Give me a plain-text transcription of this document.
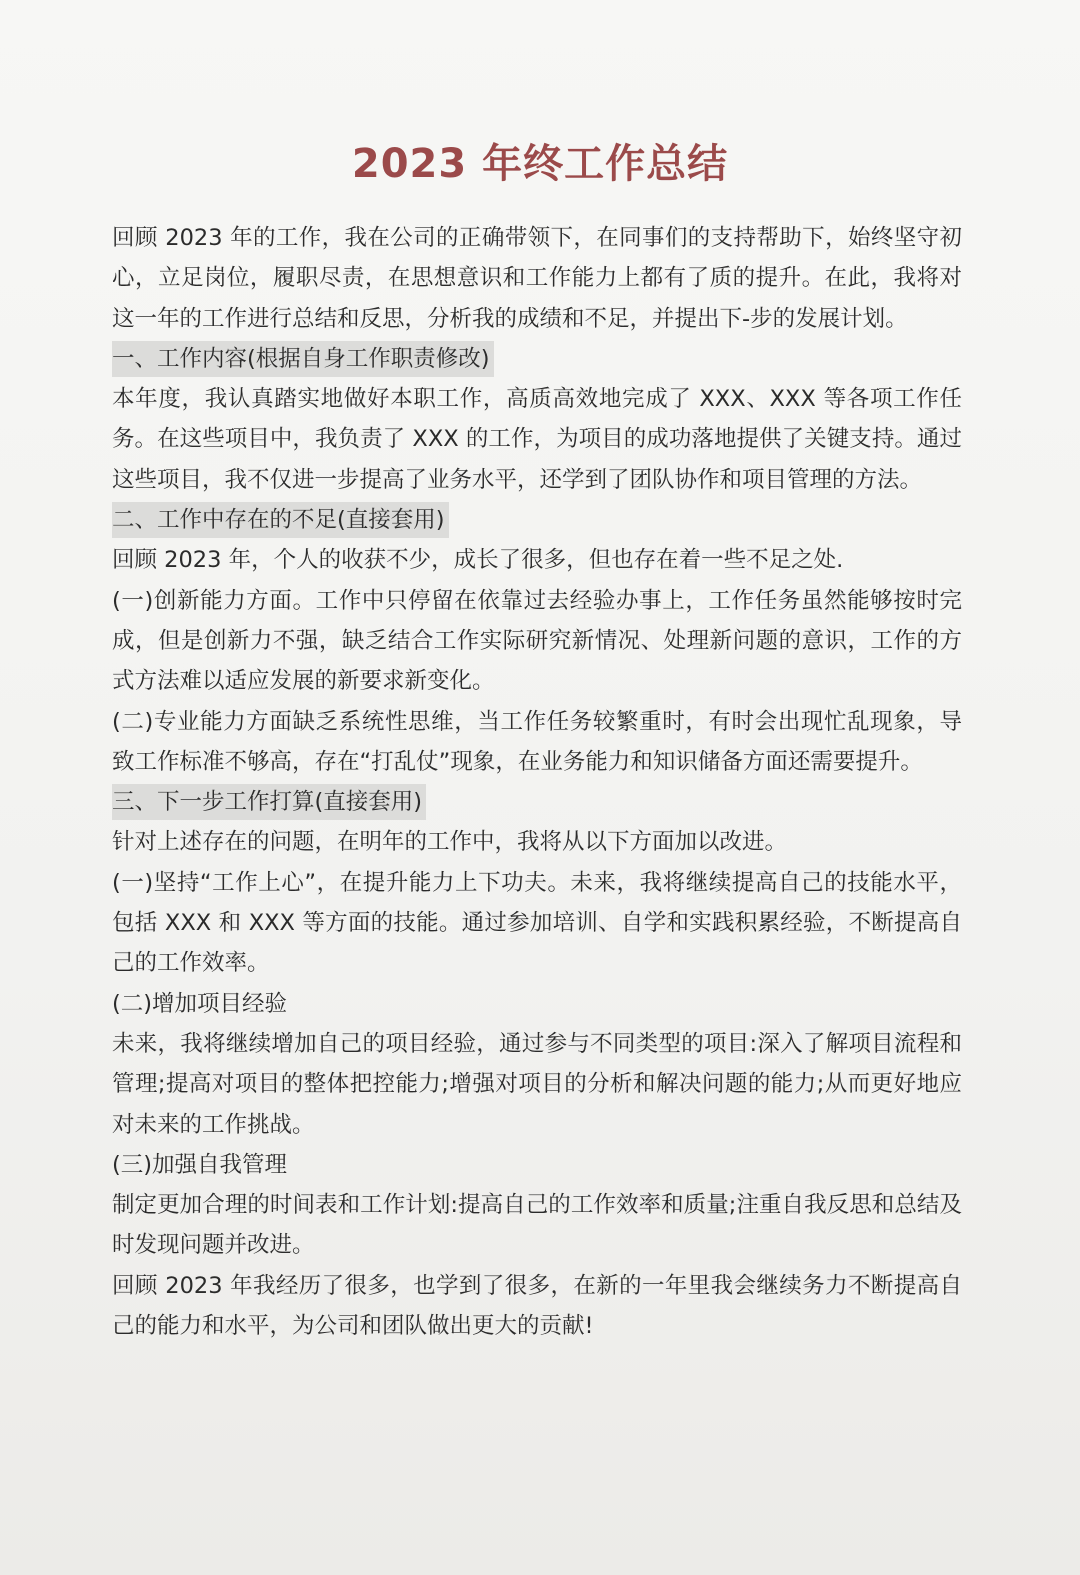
2023 年终工作总结

回顾 2023 年的工作，我在公司的正确带领下，在同事们的支持帮助下，始终坚守初心，立足岗位，履职尽责，在思想意识和工作能力上都有了质的提升。在此，我将对这一年的工作进行总结和反思，分析我的成绩和不足，并提出下-步的发展计划。

一、工作内容(根据自身工作职责修改)

本年度，我认真踏实地做好本职工作，高质高效地完成了 XXX、XXX 等各项工作任务。在这些项目中，我负责了 XXX 的工作，为项目的成功落地提供了关键支持。通过这些项目，我不仅进一步提高了业务水平，还学到了团队协作和项目管理的方法。

二、工作中存在的不足(直接套用)

回顾 2023 年，个人的收获不少，成长了很多，但也存在着一些不足之处.

(一)创新能力方面。工作中只停留在依靠过去经验办事上，工作任务虽然能够按时完成，但是创新力不强，缺乏结合工作实际研究新情况、处理新问题的意识，工作的方式方法难以适应发展的新要求新变化。

(二)专业能力方面缺乏系统性思维，当工作任务较繁重时，有时会出现忙乱现象，导致工作标准不够高，存在“打乱仗”现象，在业务能力和知识储备方面还需要提升。

三、下一步工作打算(直接套用)

针对上述存在的问题，在明年的工作中，我将从以下方面加以改进。

(一)坚持“工作上心”，在提升能力上下功夫。未来，我将继续提高自己的技能水平，包括 XXX 和 XXX 等方面的技能。通过参加培训、自学和实践积累经验，不断提高自己的工作效率。

(二)增加项目经验

未来，我将继续增加自己的项目经验，通过参与不同类型的项目:深入了解项目流程和管理;提高对项目的整体把控能力;增强对项目的分析和解决问题的能力;从而更好地应对未来的工作挑战。

(三)加强自我管理

制定更加合理的时间表和工作计划:提高自己的工作效率和质量;注重自我反思和总结及时发现问题并改进。

回顾 2023 年我经历了很多，也学到了很多，在新的一年里我会继续务力不断提高自己的能力和水平，为公司和团队做出更大的贡献!
